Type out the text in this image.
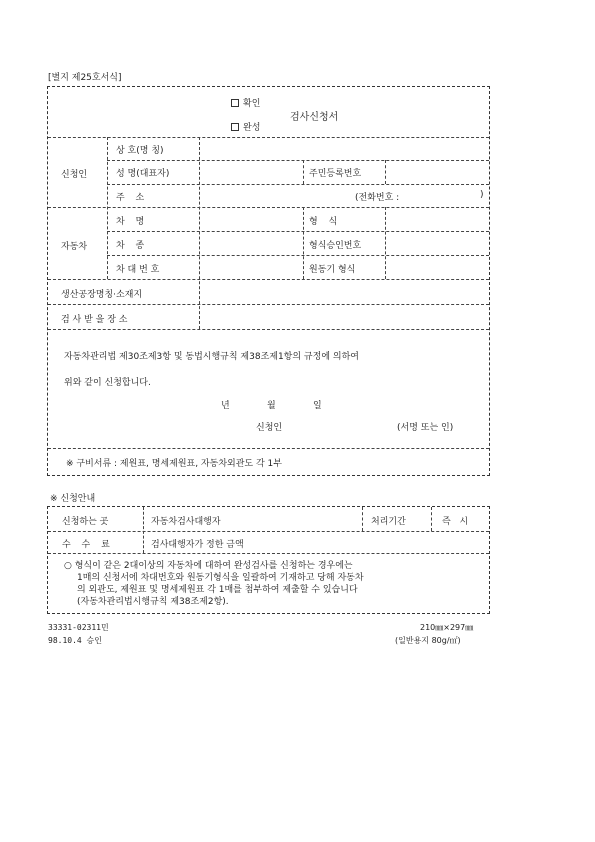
[별지 제25호서식]
확인
검사신청서
완성
신청인
상 호(명 칭)
성 명(대표자)	주민등록번호
주 소	(전화번호 :	)
자동차
차 명	형 식
차 종	형식승인번호
차 대 번 호	원동기 형식
생산공장명칭·소재지
검 사 받 을 장 소
자동차관리법 제30조제3항 및 동법시행규칙 제38조제1항의 규정에 의하여
위와 같이 신청합니다.
년	월	일
신청인	(서명 또는 인)
※ 구비서류 : 제원표, 명세제원표, 자동차외관도 각 1부
※ 신청안내
신청하는 곳	자동차검사대행자	처리기간	즉 시
수 수 료	검사대행자가 정한 금액
○ 형식이 같은 2대이상의 자동차에 대하여 완성검사를 신청하는 경우에는
1매의 신청서에 차대번호와 원동기형식을 일괄하여 기재하고 당해 자동차
의 외관도, 제원표 및 명세제원표 각 1매를 첨부하여 제출할 수 있습니다
(자동차관리법시행규칙 제38조제2항).
33331-02311민
98.10.4 승인
210㎜×297㎜
(일반용지 80g/㎡)
